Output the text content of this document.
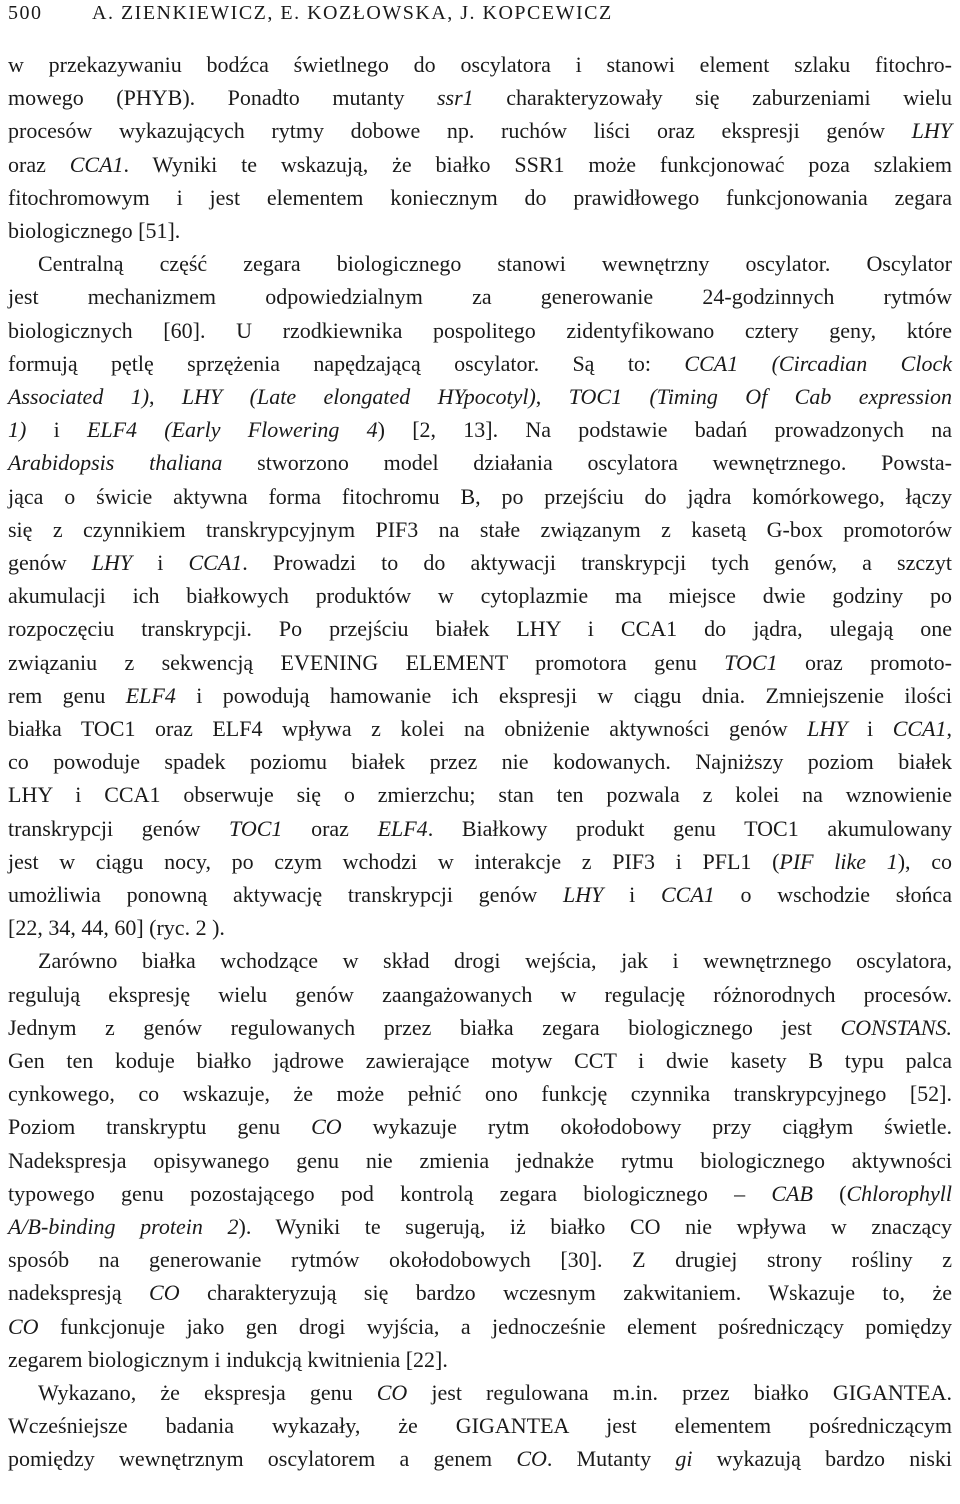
500 A. ZIENKIEWICZ, E. KOZŁOWSKA, J. KOPCEWICZ
w przekazywaniu bodźca świetlnego do oscylatora i stanowi element szlaku fitochro-
mowego (PHYB). Ponadto mutanty ssr1 charakteryzowały się zaburzeniami wielu
procesów wykazujących rytmy dobowe np. ruchów liści oraz ekspresji genów LHY
oraz CCA1. Wyniki te wskazują, że białko SSR1 może funkcjonować poza szlakiem
fitochromowym i jest elementem koniecznym do prawidłowego funkcjonowania zegara
biologicznego [51].
Centralną część zegara biologicznego stanowi wewnętrzny oscylator. Oscylator
jest mechanizmem odpowiedzialnym za generowanie 24-godzinnych rytmów
biologicznych [60]. U rzodkiewnika pospolitego zidentyfikowano cztery geny, które
formują pętlę sprzężenia napędzającą oscylator. Są to: CCA1 (Circadian Clock
Associated 1), LHY (Late elongated HYpocotyl), TOC1 (Timing Of Cab expression
1) i ELF4 (Early Flowering 4) [2, 13]. Na podstawie badań prowadzonych na
Arabidopsis thaliana stworzono model działania oscylatora wewnętrznego. Powsta-
jąca o świcie aktywna forma fitochromu B, po przejściu do jądra komórkowego, łączy
się z czynnikiem transkrypcyjnym PIF3 na stałe związanym z kasetą G-box promotorów
genów LHY i CCA1. Prowadzi to do aktywacji transkrypcji tych genów, a szczyt
akumulacji ich białkowych produktów w cytoplazmie ma miejsce dwie godziny po
rozpoczęciu transkrypcji. Po przejściu białek LHY i CCA1 do jądra, ulegają one
związaniu z sekwencją EVENING ELEMENT promotora genu TOC1 oraz promoto-
rem genu ELF4 i powodują hamowanie ich ekspresji w ciągu dnia. Zmniejszenie ilości
białka TOC1 oraz ELF4 wpływa z kolei na obniżenie aktywności genów LHY i CCA1,
co powoduje spadek poziomu białek przez nie kodowanych. Najniższy poziom białek
LHY i CCA1 obserwuje się o zmierzchu; stan ten pozwala z kolei na wznowienie
transkrypcji genów TOC1 oraz ELF4. Białkowy produkt genu TOC1 akumulowany
jest w ciągu nocy, po czym wchodzi w interakcje z PIF3 i PFL1 (PIF like 1), co
umożliwia ponowną aktywację transkrypcji genów LHY i CCA1 o wschodzie słońca
[22, 34, 44, 60] (ryc. 2 ).
Zarówno białka wchodzące w skład drogi wejścia, jak i wewnętrznego oscylatora,
regulują ekspresję wielu genów zaangażowanych w regulację różnorodnych procesów.
Jednym z genów regulowanych przez białka zegara biologicznego jest CONSTANS.
Gen ten koduje białko jądrowe zawierające motyw CCT i dwie kasety B typu palca
cynkowego, co wskazuje, że może pełnić ono funkcję czynnika transkrypcyjnego [52].
Poziom transkryptu genu CO wykazuje rytm okołodobowy przy ciągłym świetle.
Nadekspresja opisywanego genu nie zmienia jednakże rytmu biologicznego aktywności
typowego genu pozostającego pod kontrolą zegara biologicznego – CAB (Chlorophyll
A/B-binding protein 2). Wyniki te sugerują, iż białko CO nie wpływa w znaczący
sposób na generowanie rytmów okołodobowych [30]. Z drugiej strony rośliny z
nadekspresją CO charakteryzują się bardzo wczesnym zakwitaniem. Wskazuje to, że
CO funkcjonuje jako gen drogi wyjścia, a jednocześnie element pośredniczący pomiędzy
zegarem biologicznym i indukcją kwitnienia [22].
Wykazano, że ekspresja genu CO jest regulowana m.in. przez białko GIGANTEA.
Wcześniejsze badania wykazały, że GIGANTEA jest elementem pośredniczącym
pomiędzy wewnętrznym oscylatorem a genem CO. Mutanty gi wykazują bardzo niski
